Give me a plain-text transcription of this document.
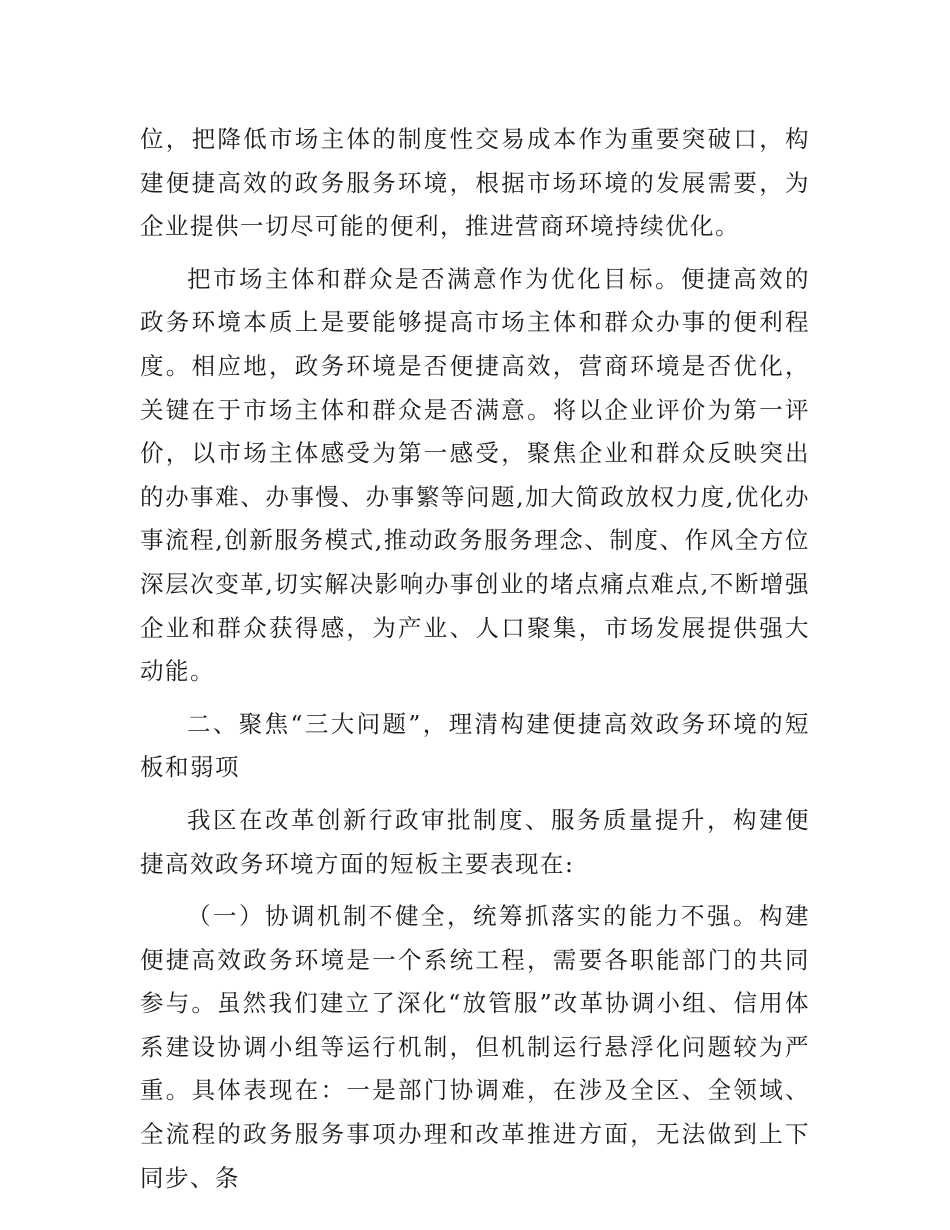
位，把降低市场主体的制度性交易成本作为重要突破口，构建便捷高效的政务服务环境，根据市场环境的发展需要，为企业提供一切尽可能的便利，推进营商环境持续优化。

把市场主体和群众是否满意作为优化目标。便捷高效的政务环境本质上是要能够提高市场主体和群众办事的便利程度。相应地，政务环境是否便捷高效，营商环境是否优化，关键在于市场主体和群众是否满意。将以企业评价为第一评价，以市场主体感受为第一感受，聚焦企业和群众反映突出的办事难、办事慢、办事繁等问题,加大简政放权力度,优化办事流程,创新服务模式,推动政务服务理念、制度、作风全方位深层次变革,切实解决影响办事创业的堵点痛点难点,不断增强企业和群众获得感，为产业、人口聚集，市场发展提供强大动能。

二、聚焦“三大问题”，理清构建便捷高效政务环境的短板和弱项

我区在改革创新行政审批制度、服务质量提升，构建便捷高效政务环境方面的短板主要表现在:

（一）协调机制不健全，统筹抓落实的能力不强。构建便捷高效政务环境是一个系统工程，需要各职能部门的共同参与。虽然我们建立了深化“放管服”改革协调小组、信用体系建设协调小组等运行机制，但机制运行悬浮化问题较为严重。具体表现在：一是部门协调难，在涉及全区、全领域、全流程的政务服务事项办理和改革推进方面，无法做到上下同步、条
